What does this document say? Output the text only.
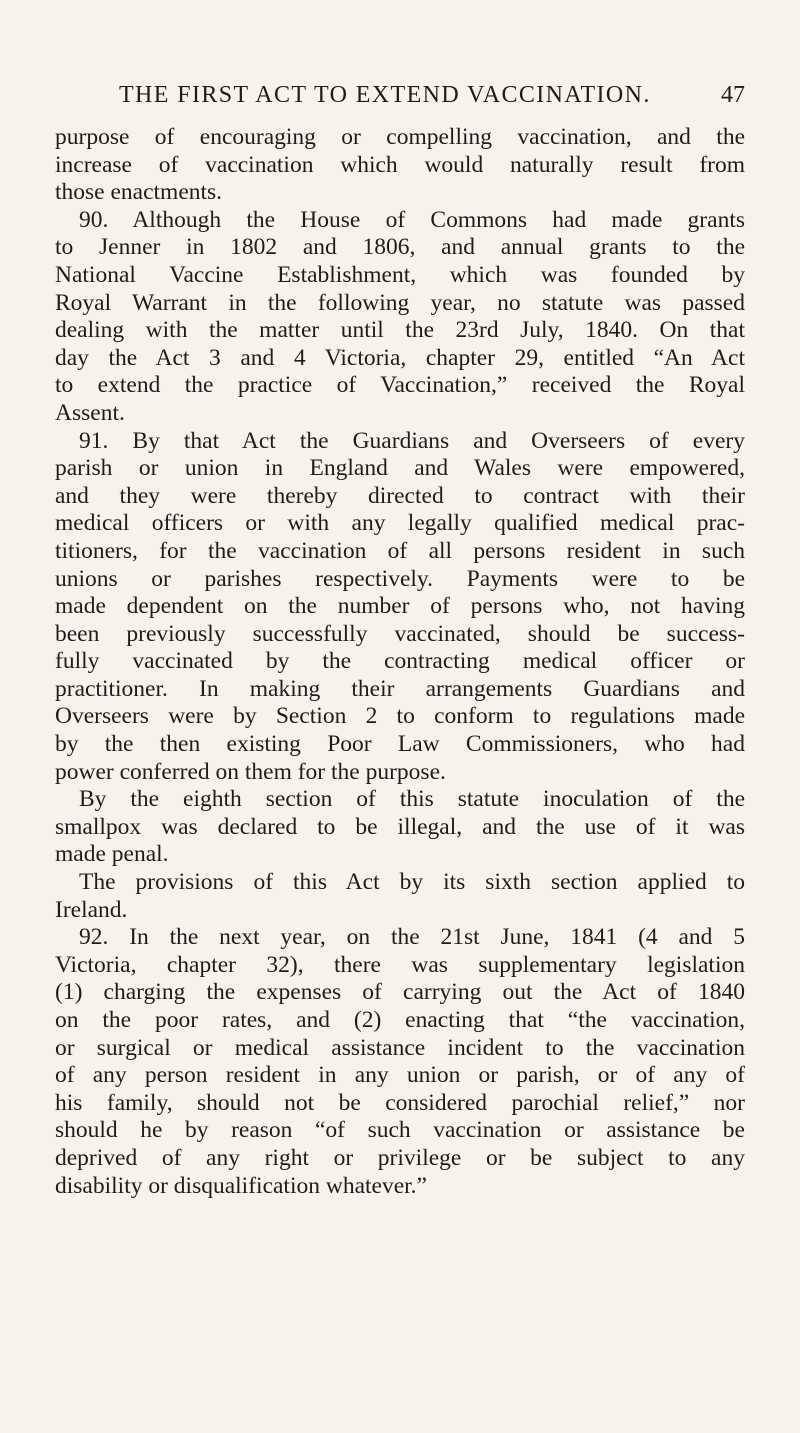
THE FIRST ACT TO EXTEND VACCINATION.	47
purpose of encouraging or compelling vaccination, and the
increase of vaccination which would naturally result from
those enactments.
90. Although the House of Commons had made grants
to Jenner in 1802 and 1806, and annual grants to the
National Vaccine Establishment, which was founded by
Royal Warrant in the following year, no statute was passed
dealing with the matter until the 23rd July, 1840. On that
day the Act 3 and 4 Victoria, chapter 29, entitled “An Act
to extend the practice of Vaccination,” received the Royal
Assent.
91. By that Act the Guardians and Overseers of every
parish or union in England and Wales were empowered,
and they were thereby directed to contract with their
medical officers or with any legally qualified medical prac-
titioners, for the vaccination of all persons resident in such
unions or parishes respectively. Payments were to be
made dependent on the number of persons who, not having
been previously successfully vaccinated, should be success-
fully vaccinated by the contracting medical officer or
practitioner. In making their arrangements Guardians and
Overseers were by Section 2 to conform to regulations made
by the then existing Poor Law Commissioners, who had
power conferred on them for the purpose.
By the eighth section of this statute inoculation of the
smallpox was declared to be illegal, and the use of it was
made penal.
The provisions of this Act by its sixth section applied to
Ireland.
92. In the next year, on the 21st June, 1841 (4 and 5
Victoria, chapter 32), there was supplementary legislation
(1) charging the expenses of carrying out the Act of 1840
on the poor rates, and (2) enacting that “the vaccination,
or surgical or medical assistance incident to the vaccination
of any person resident in any union or parish, or of any of
his family, should not be considered parochial relief,” nor
should he by reason “of such vaccination or assistance be
deprived of any right or privilege or be subject to any
disability or disqualification whatever.”
